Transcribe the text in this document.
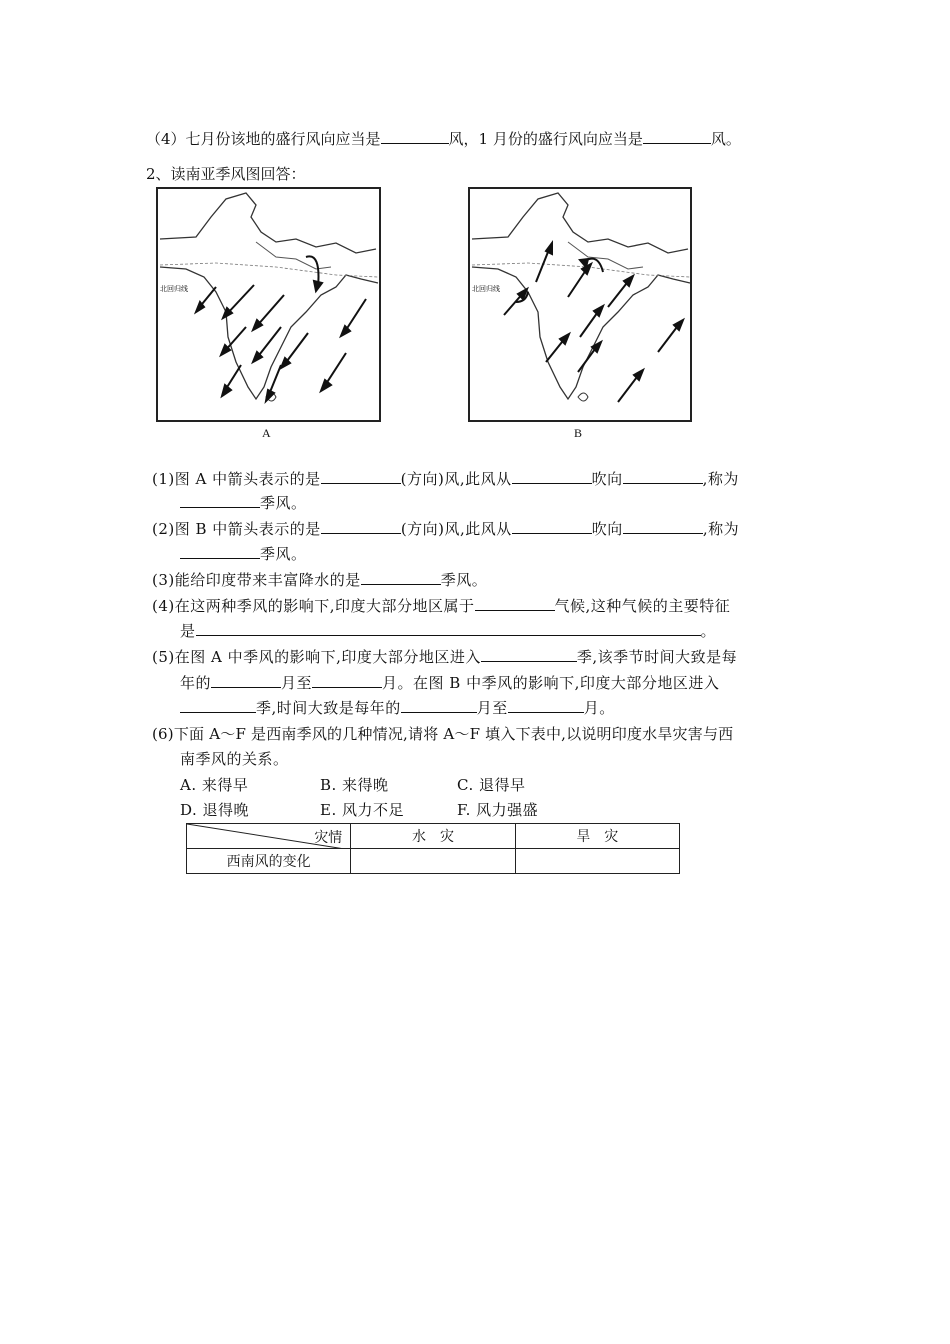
（4）七月份该地的盛行风向应当是	风，1 月份的盛行风向应当是	风。
2、读南亚季风图回答：
北回归线
A
北回归线
B
(1)图 A 中箭头表示的是	(方向)风,此风从	吹向	,称为
季风。
(2)图 B 中箭头表示的是	(方向)风,此风从	吹向	,称为
季风。
(3)能给印度带来丰富降水的是	季风。
(4)在这两种季风的影响下,印度大部分地区属于	气候,这种气候的主要特征
是	。
(5)在图 A 中季风的影响下,印度大部分地区进入	季,该季节时间大致是每
年的	月至	月。在图 B 中季风的影响下,印度大部分地区进入
季,时间大致是每年的	月至	月。
(6)下面 A～F 是西南季风的几种情况,请将 A～F 填入下表中,以说明印度水旱灾害与西
南季风的关系。
A. 来得早	B. 来得晚	C. 退得早
D. 退得晚	E. 风力不足	F. 风力强盛
灾情	水　灾	旱　灾
西南风的变化		
